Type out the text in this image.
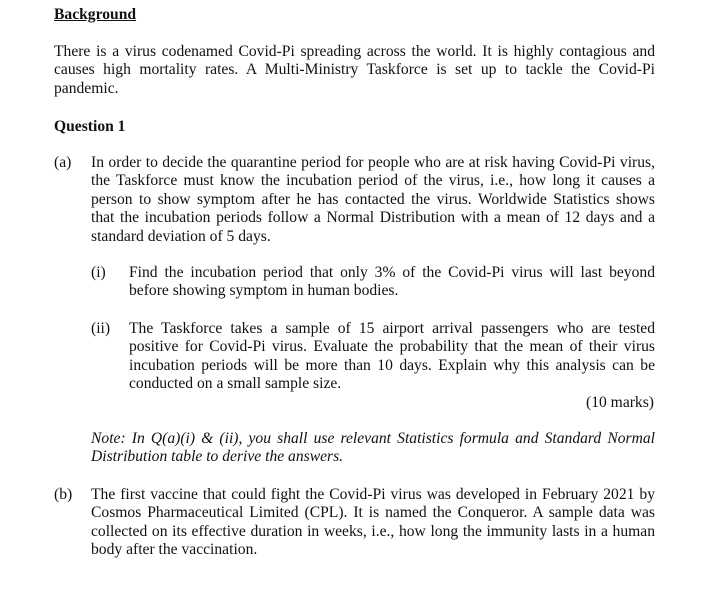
Background
There is a virus codenamed Covid-Pi spreading across the world. It is highly contagious and
causes high mortality rates. A Multi-Ministry Taskforce is set up to tackle the Covid-Pi
pandemic.
Question 1
(a) In order to decide the quarantine period for people who are at risk having Covid-Pi virus,
the Taskforce must know the incubation period of the virus, i.e., how long it causes a
person to show symptom after he has contacted the virus. Worldwide Statistics shows
that the incubation periods follow a Normal Distribution with a mean of 12 days and a
standard deviation of 5 days.
(i) Find the incubation period that only 3% of the Covid-Pi virus will last beyond
before showing symptom in human bodies.
(ii) The Taskforce takes a sample of 15 airport arrival passengers who are tested
positive for Covid-Pi virus. Evaluate the probability that the mean of their virus
incubation periods will be more than 10 days. Explain why this analysis can be
conducted on a small sample size.
(10 marks)
Note: In Q(a)(i) & (ii), you shall use relevant Statistics formula and Standard Normal
Distribution table to derive the answers.
(b) The first vaccine that could fight the Covid-Pi virus was developed in February 2021 by
Cosmos Pharmaceutical Limited (CPL). It is named the Conqueror. A sample data was
collected on its effective duration in weeks, i.e., how long the immunity lasts in a human
body after the vaccination.
